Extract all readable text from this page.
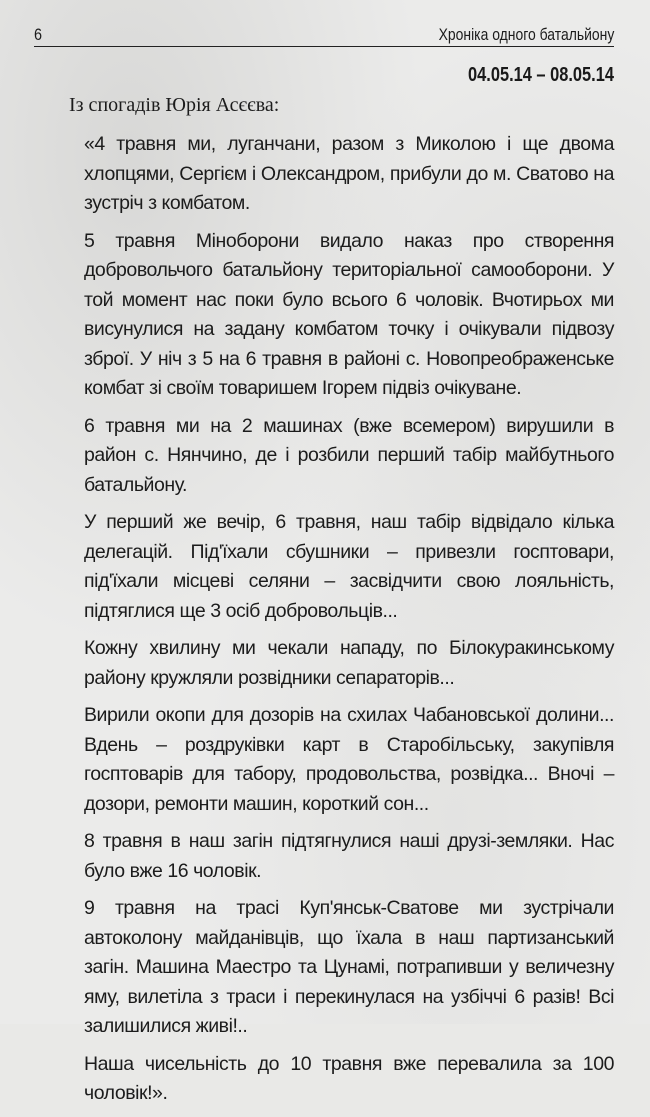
6	Хроніка одного батальйону
04.05.14 – 08.05.14
Із спогадів Юрія Асєєва:

«4 травня ми, луганчани, разом з Миколою і ще двома хлопцями, Сергієм і Олександром, прибули до м. Сватово на зустріч з комбатом.

5 травня Міноборони видало наказ про створення добровольчого батальйону територіальної самооборони. У той момент нас поки було всього 6 чоловік. Вчотирьох ми висунулися на задану комбатом точку і очікували підвозу зброї. У ніч з 5 на 6 травня в районі с. Новопреображенське комбат зі своїм товаришем Ігорем підвіз очікуване.

6 травня ми на 2 машинах (вже всемером) вирушили в район с. Нянчино, де і розбили перший табір майбутнього батальйону.

У перший же вечір, 6 травня, наш табір відвідало кілька делегацій. Під'їхали сбушники – привезли госптовари, під'їхали місцеві селяни – засвідчити свою лояльність, підтяглися ще 3 осіб добровольців...

Кожну хвилину ми чекали нападу, по Білокуракинському району кружляли розвідники сепараторів...

Вирили окопи для дозорів на схилах Чабановської долини... Вдень – роздруківки карт в Старобільську, закупівля госптоварів для табору, продовольства, розвідка... Вночі – дозори, ремонти машин, короткий сон...

8 травня в наш загін підтягнулися наші друзі-земляки. Нас було вже 16 чоловік.

9 травня на трасі Куп'янськ-Сватове ми зустрічали автоколону майданівців, що їхала в наш партизанський загін. Машина Маестро та Цунамі, потрапивши у величезну яму, вилетіла з траси і перекинулася на узбіччі 6 разів! Всі залишилися живі!..

Наша чисельність до 10 травня вже перевалила за 100 чоловік!».
